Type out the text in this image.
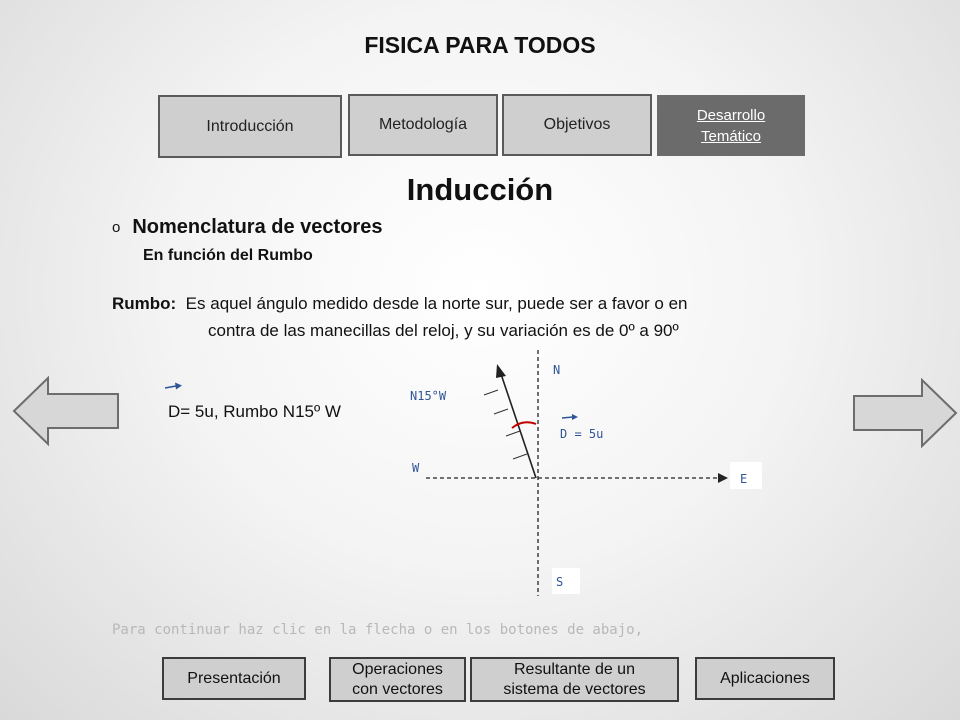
FISICA PARA TODOS
Introducción	Metodología	Objetivos
Desarrollo Temático
Inducción
o Nomenclatura de vectores
En función del Rumbo
Rumbo: Es aquel ángulo medido desde la norte sur, puede ser a favor o en
contra de las manecillas del reloj, y su variación es de 0º a 90º
D= 5u, Rumbo N15º W
N
N15°W
D = 5u
W
E
S
Para continuar haz clic en la flecha o en los botones de abajo,
Presentación
Operaciones con vectores
Resultante de un sistema de vectores
Aplicaciones
